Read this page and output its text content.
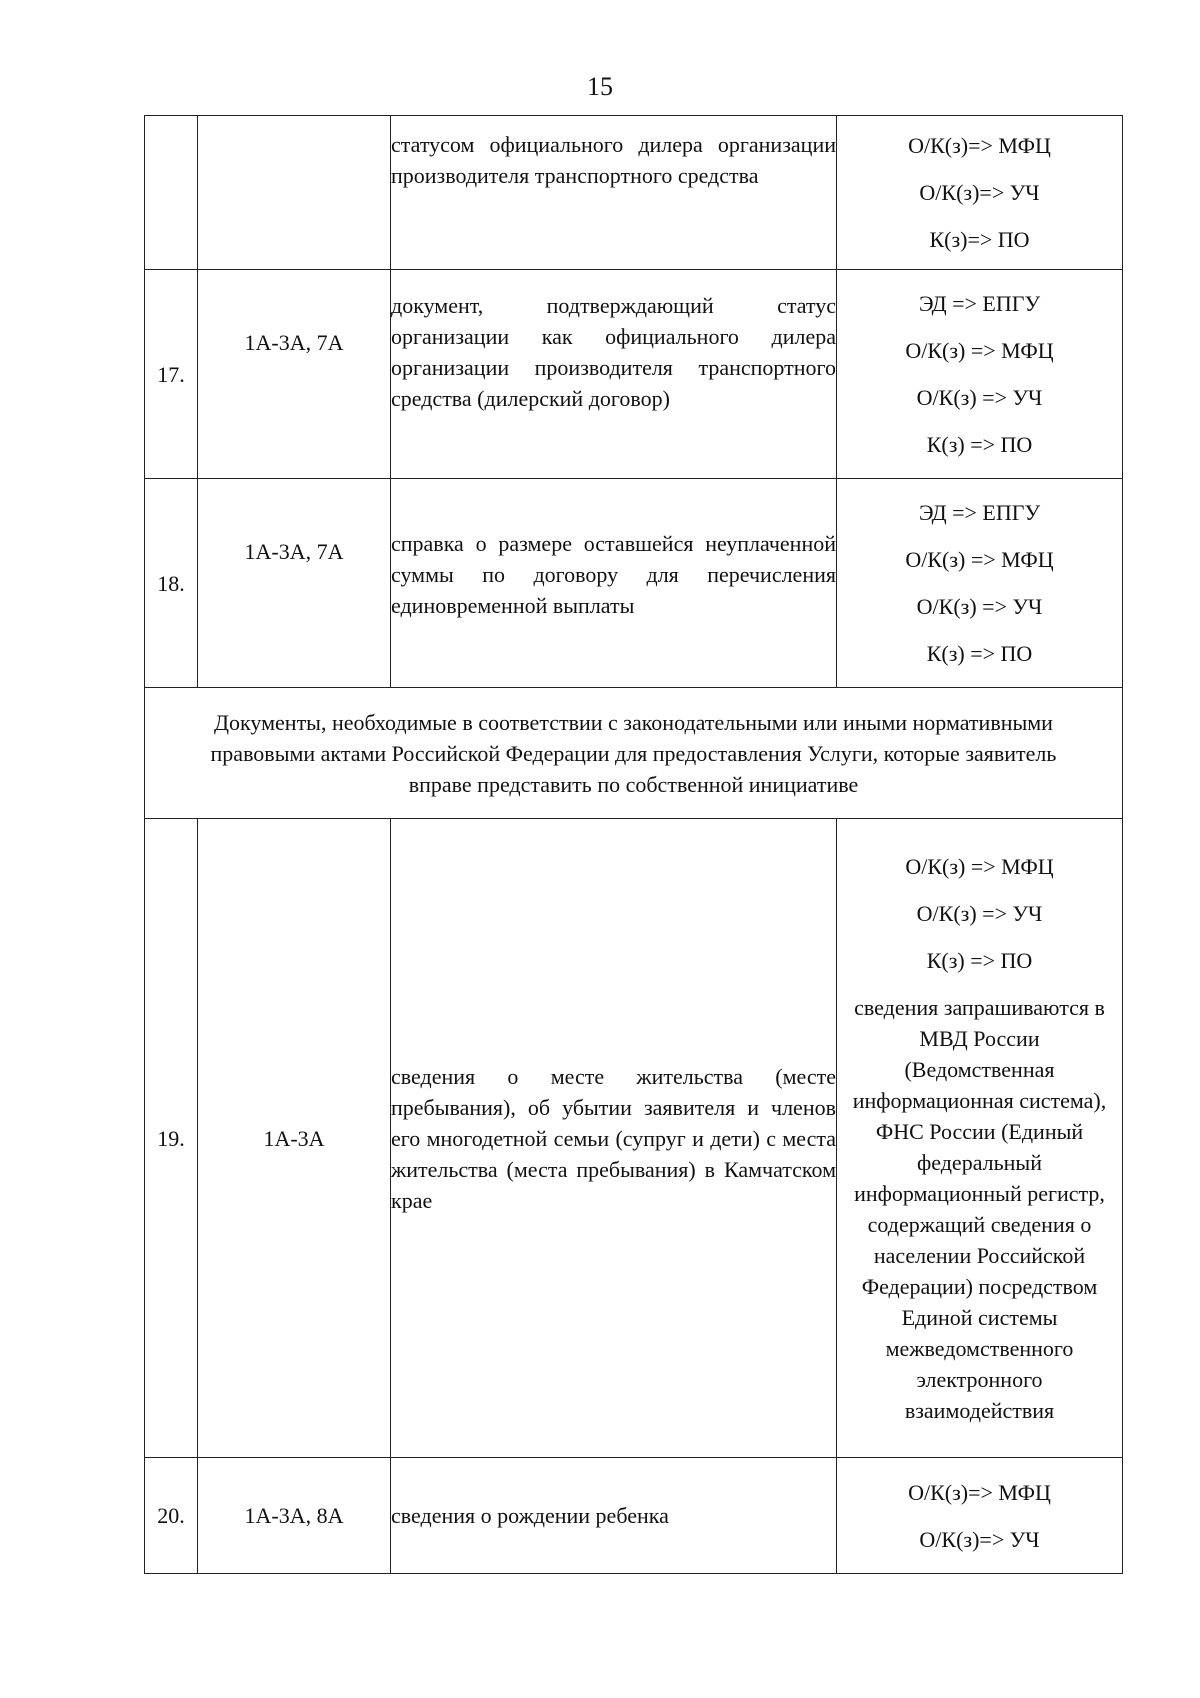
15

		статусом официального дилера организации производителя транспортного средства	О/К(з)=> МФЦ
О/К(з)=> УЧ
К(з)=> ПО

17.	1А-3А, 7А	документ, подтверждающий статус организации как официального дилера организации производителя транспортного средства (дилерский договор)	ЭД => ЕПГУ
О/К(з) => МФЦ
О/К(з) => УЧ
К(з) => ПО

18.	1А-3А, 7А	справка о размере оставшейся неуплаченной суммы по договору для перечисления единовременной выплаты	ЭД => ЕПГУ
О/К(з) => МФЦ
О/К(з) => УЧ
К(з) => ПО

Документы, необходимые в соответствии с законодательными или иными нормативными
правовыми актами Российской Федерации для предоставления Услуги, которые заявитель
вправе представить по собственной инициативе			

19.	1А-3А	сведения о месте жительства (месте пребывания), об убытии заявителя и членов его многодетной семьи (супруг и дети) с места жительства (места пребывания) в Камчатском крае	О/К(з) => МФЦ
О/К(з) => УЧ
К(з) => ПО
сведения запрашиваются в МВД России (Ведомственная информационная система), ФНС России (Единый федеральный информационный регистр, содержащий сведения о населении Российской Федерации) посредством Единой системы межведомственного электронного взаимодействия

20.	1А-3А, 8А	сведения о рождении ребенка	О/К(з)=> МФЦ
О/К(з)=> УЧ
